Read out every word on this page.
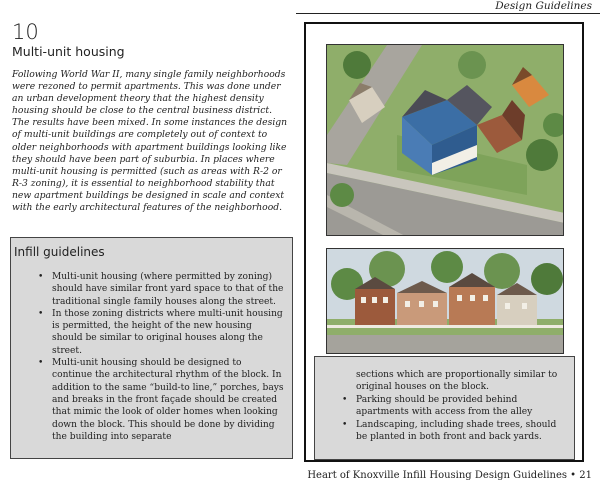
Design Guidelines
10
Multi-unit housing

Following World War II, many single family neighborhoods were rezoned to permit apartments. This was done under an urban development theory that the highest density housing should be close to the central business district. The results have been mixed. In some instances the design of multi-unit buildings are completely out of context to older neighborhoods with apartment buildings looking like they should have been part of suburbia. In places where multi-unit housing is permitted (such as areas with R-2 or R-3 zoning), it is essential to neighborhood stability that new apartment buildings be designed in scale and context with the early architectural features of the neighborhood.

Infill guidelines
• Multi-unit housing (where permitted by zoning) should have similar front yard space to that of the traditional single family houses along the street.
• In those zoning districts where multi-unit housing is permitted, the height of the new housing should be similar to original houses along the street.
• Multi-unit housing should be designed to continue the architectural rhythm of the block. In addition to the same “build-to line,” porches, bays and breaks in the front façade should be created that mimic the look of older homes when looking down the block. This should be done by dividing the building into separate

sections which are proportionally similar to original houses on the block.

• Parking should be provided behind apartments with access from the alley
• Landscaping, including shade trees, should be planted in both front and back yards.
Heart of Knoxville Infill Housing Design Guidelines • 21
